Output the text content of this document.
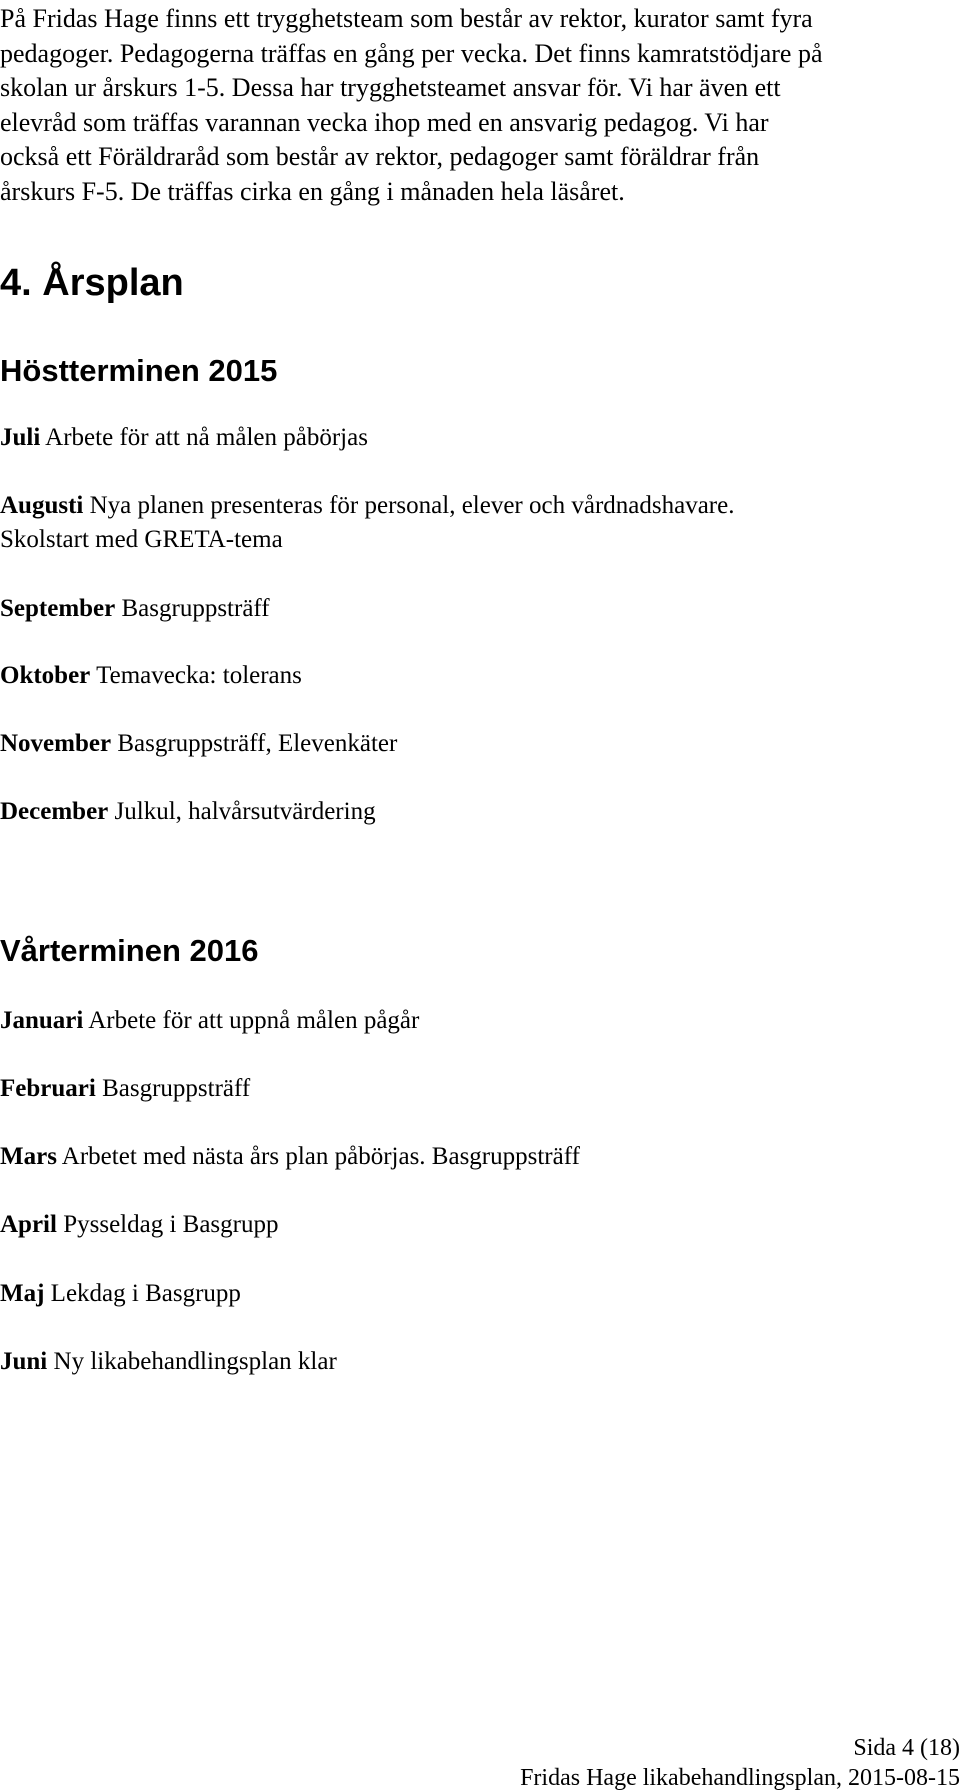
På Fridas Hage finns ett trygghetsteam som består av rektor, kurator samt fyra
pedagoger. Pedagogerna träffas en gång per vecka. Det finns kamratstödjare på
skolan ur årskurs 1-5. Dessa har trygghetsteamet ansvar för. Vi har även ett
elevråd som träffas varannan vecka ihop med en ansvarig pedagog. Vi har
också ett Föräldraråd som består av rektor, pedagoger samt föräldrar från
årskurs F-5. De träffas cirka en gång i månaden hela läsåret.
4. Årsplan
Höstterminen 2015
Juli Arbete för att nå målen påbörjas
Augusti Nya planen presenteras för personal, elever och vårdnadshavare.
Skolstart med GRETA-tema
September Basgruppsträff
Oktober Temavecka: tolerans
November Basgruppsträff, Elevenkäter
December Julkul, halvårsutvärdering
Vårterminen 2016
Januari Arbete för att uppnå målen pågår
Februari Basgruppsträff
Mars Arbetet med nästa års plan påbörjas. Basgruppsträff
April Pysseldag i Basgrupp
Maj Lekdag i Basgrupp
Juni Ny likabehandlingsplan klar
Sida 4 (18)
Fridas Hage likabehandlingsplan, 2015-08-15
